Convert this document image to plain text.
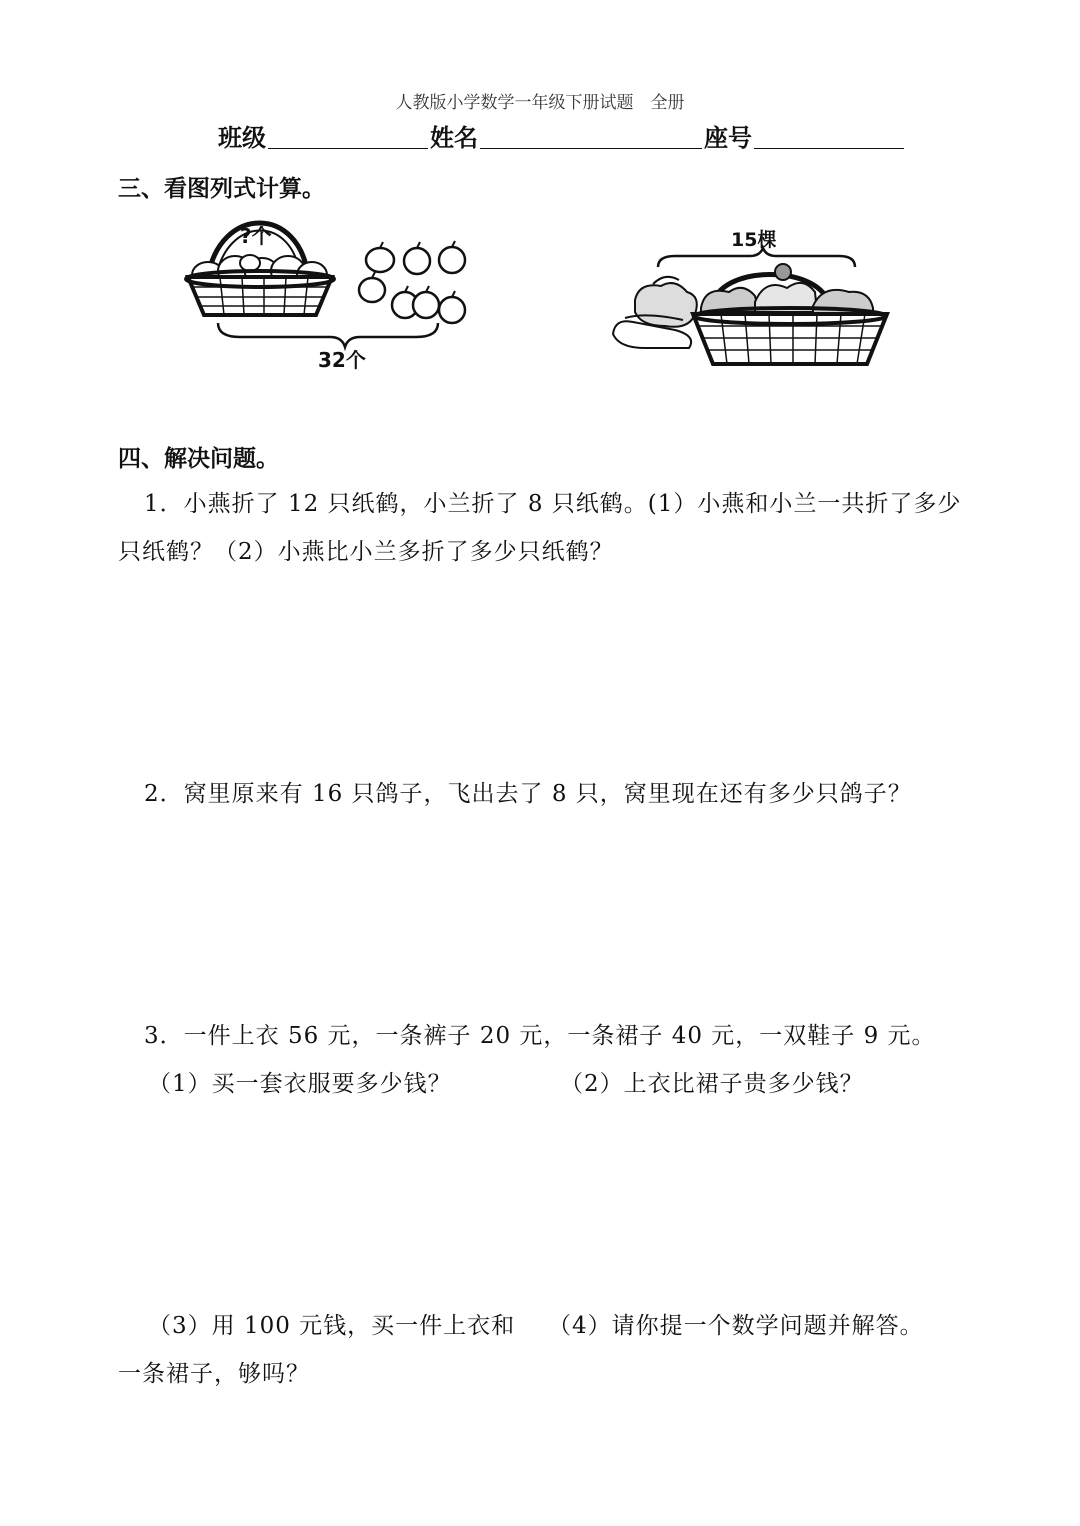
人教版小学数学一年级下册试题　全册
班级	姓名	座号
三、看图列式计算。
?个
32个
15棵
四、解决问题。
1．小燕折了 12 只纸鹤，小兰折了 8 只纸鹤。(1）小燕和小兰一共折了多少
只纸鹤？（2）小燕比小兰多折了多少只纸鹤？
2．窝里原来有 16 只鸽子，飞出去了 8 只，窝里现在还有多少只鸽子？
3．一件上衣 56 元，一条裤子 20 元，一条裙子 40 元，一双鞋子 9 元。
（1）买一套衣服要多少钱？	（2）上衣比裙子贵多少钱？
（3）用 100 元钱，买一件上衣和 （4）请你提一个数学问题并解答。
一条裙子，够吗？
